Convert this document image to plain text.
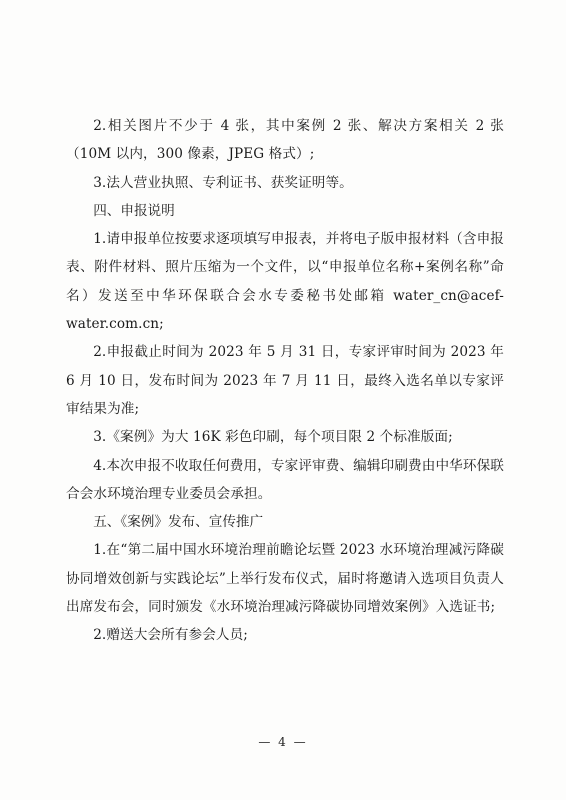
2.相关图片不少于 4 张，其中案例 2 张、解决方案相关 2 张（10M 以内，300 像素，JPEG 格式）;

3.法人营业执照、专利证书、获奖证明等。

四、申报说明

1.请申报单位按要求逐项填写申报表，并将电子版申报材料（含申报表、附件材料、照片压缩为一个文件，以“申报单位名称+案例名称”命名）发送至中华环保联合会水专委秘书处邮箱 water_cn@acef-water.com.cn;

2.申报截止时间为 2023 年 5 月 31 日，专家评审时间为 2023 年 6 月 10 日，发布时间为 2023 年 7 月 11 日，最终入选名单以专家评审结果为准;

3.《案例》为大 16K 彩色印刷，每个项目限 2 个标准版面;

4.本次申报不收取任何费用，专家评审费、编辑印刷费由中华环保联合会水环境治理专业委员会承担。

五、《案例》发布、宣传推广

1.在“第二届中国水环境治理前瞻论坛暨 2023 水环境治理减污降碳协同增效创新与实践论坛”上举行发布仪式，届时将邀请入选项目负责人出席发布会，同时颁发《水环境治理减污降碳协同增效案例》入选证书;

2.赠送大会所有参会人员;

— 4 —
